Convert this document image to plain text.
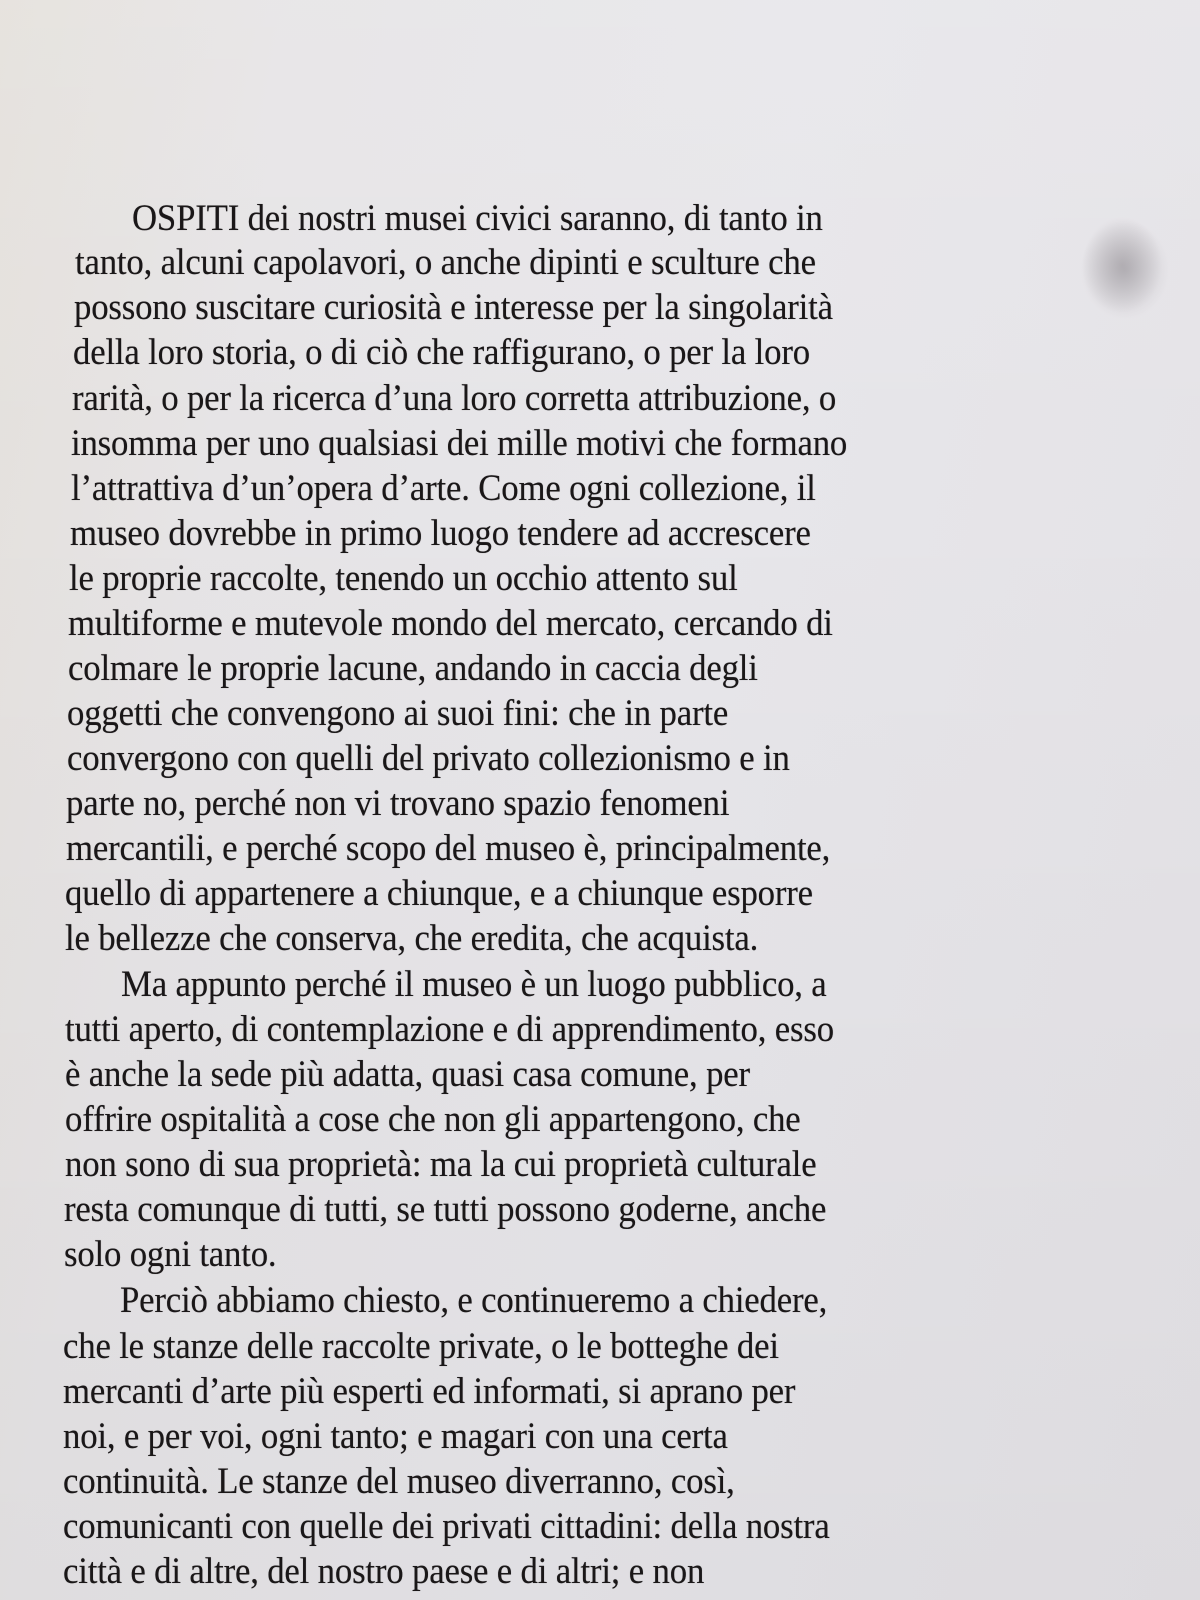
OSPITI dei nostri musei civici saranno, di tanto in
tanto, alcuni capolavori, o anche dipinti e sculture che
possono suscitare curiosità e interesse per la singolarità
della loro storia, o di ciò che raffigurano, o per la loro
rarità, o per la ricerca d’una loro corretta attribuzione, o
insomma per uno qualsiasi dei mille motivi che formano
l’attrattiva d’un’opera d’arte. Come ogni collezione, il
museo dovrebbe in primo luogo tendere ad accrescere
le proprie raccolte, tenendo un occhio attento sul
multiforme e mutevole mondo del mercato, cercando di
colmare le proprie lacune, andando in caccia degli
oggetti che convengono ai suoi fini: che in parte
convergono con quelli del privato collezionismo e in
parte no, perché non vi trovano spazio fenomeni
mercantili, e perché scopo del museo è, principalmente,
quello di appartenere a chiunque, e a chiunque esporre
le bellezze che conserva, che eredita, che acquista.
Ma appunto perché il museo è un luogo pubblico, a
tutti aperto, di contemplazione e di apprendimento, esso
è anche la sede più adatta, quasi casa comune, per
offrire ospitalità a cose che non gli appartengono, che
non sono di sua proprietà: ma la cui proprietà culturale
resta comunque di tutti, se tutti possono goderne, anche
solo ogni tanto.
Perciò abbiamo chiesto, e continueremo a chiedere,
che le stanze delle raccolte private, o le botteghe dei
mercanti d’arte più esperti ed informati, si aprano per
noi, e per voi, ogni tanto; e magari con una certa
continuità. Le stanze del museo diverranno, così,
comunicanti con quelle dei privati cittadini: della nostra
città e di altre, del nostro paese e di altri; e non
